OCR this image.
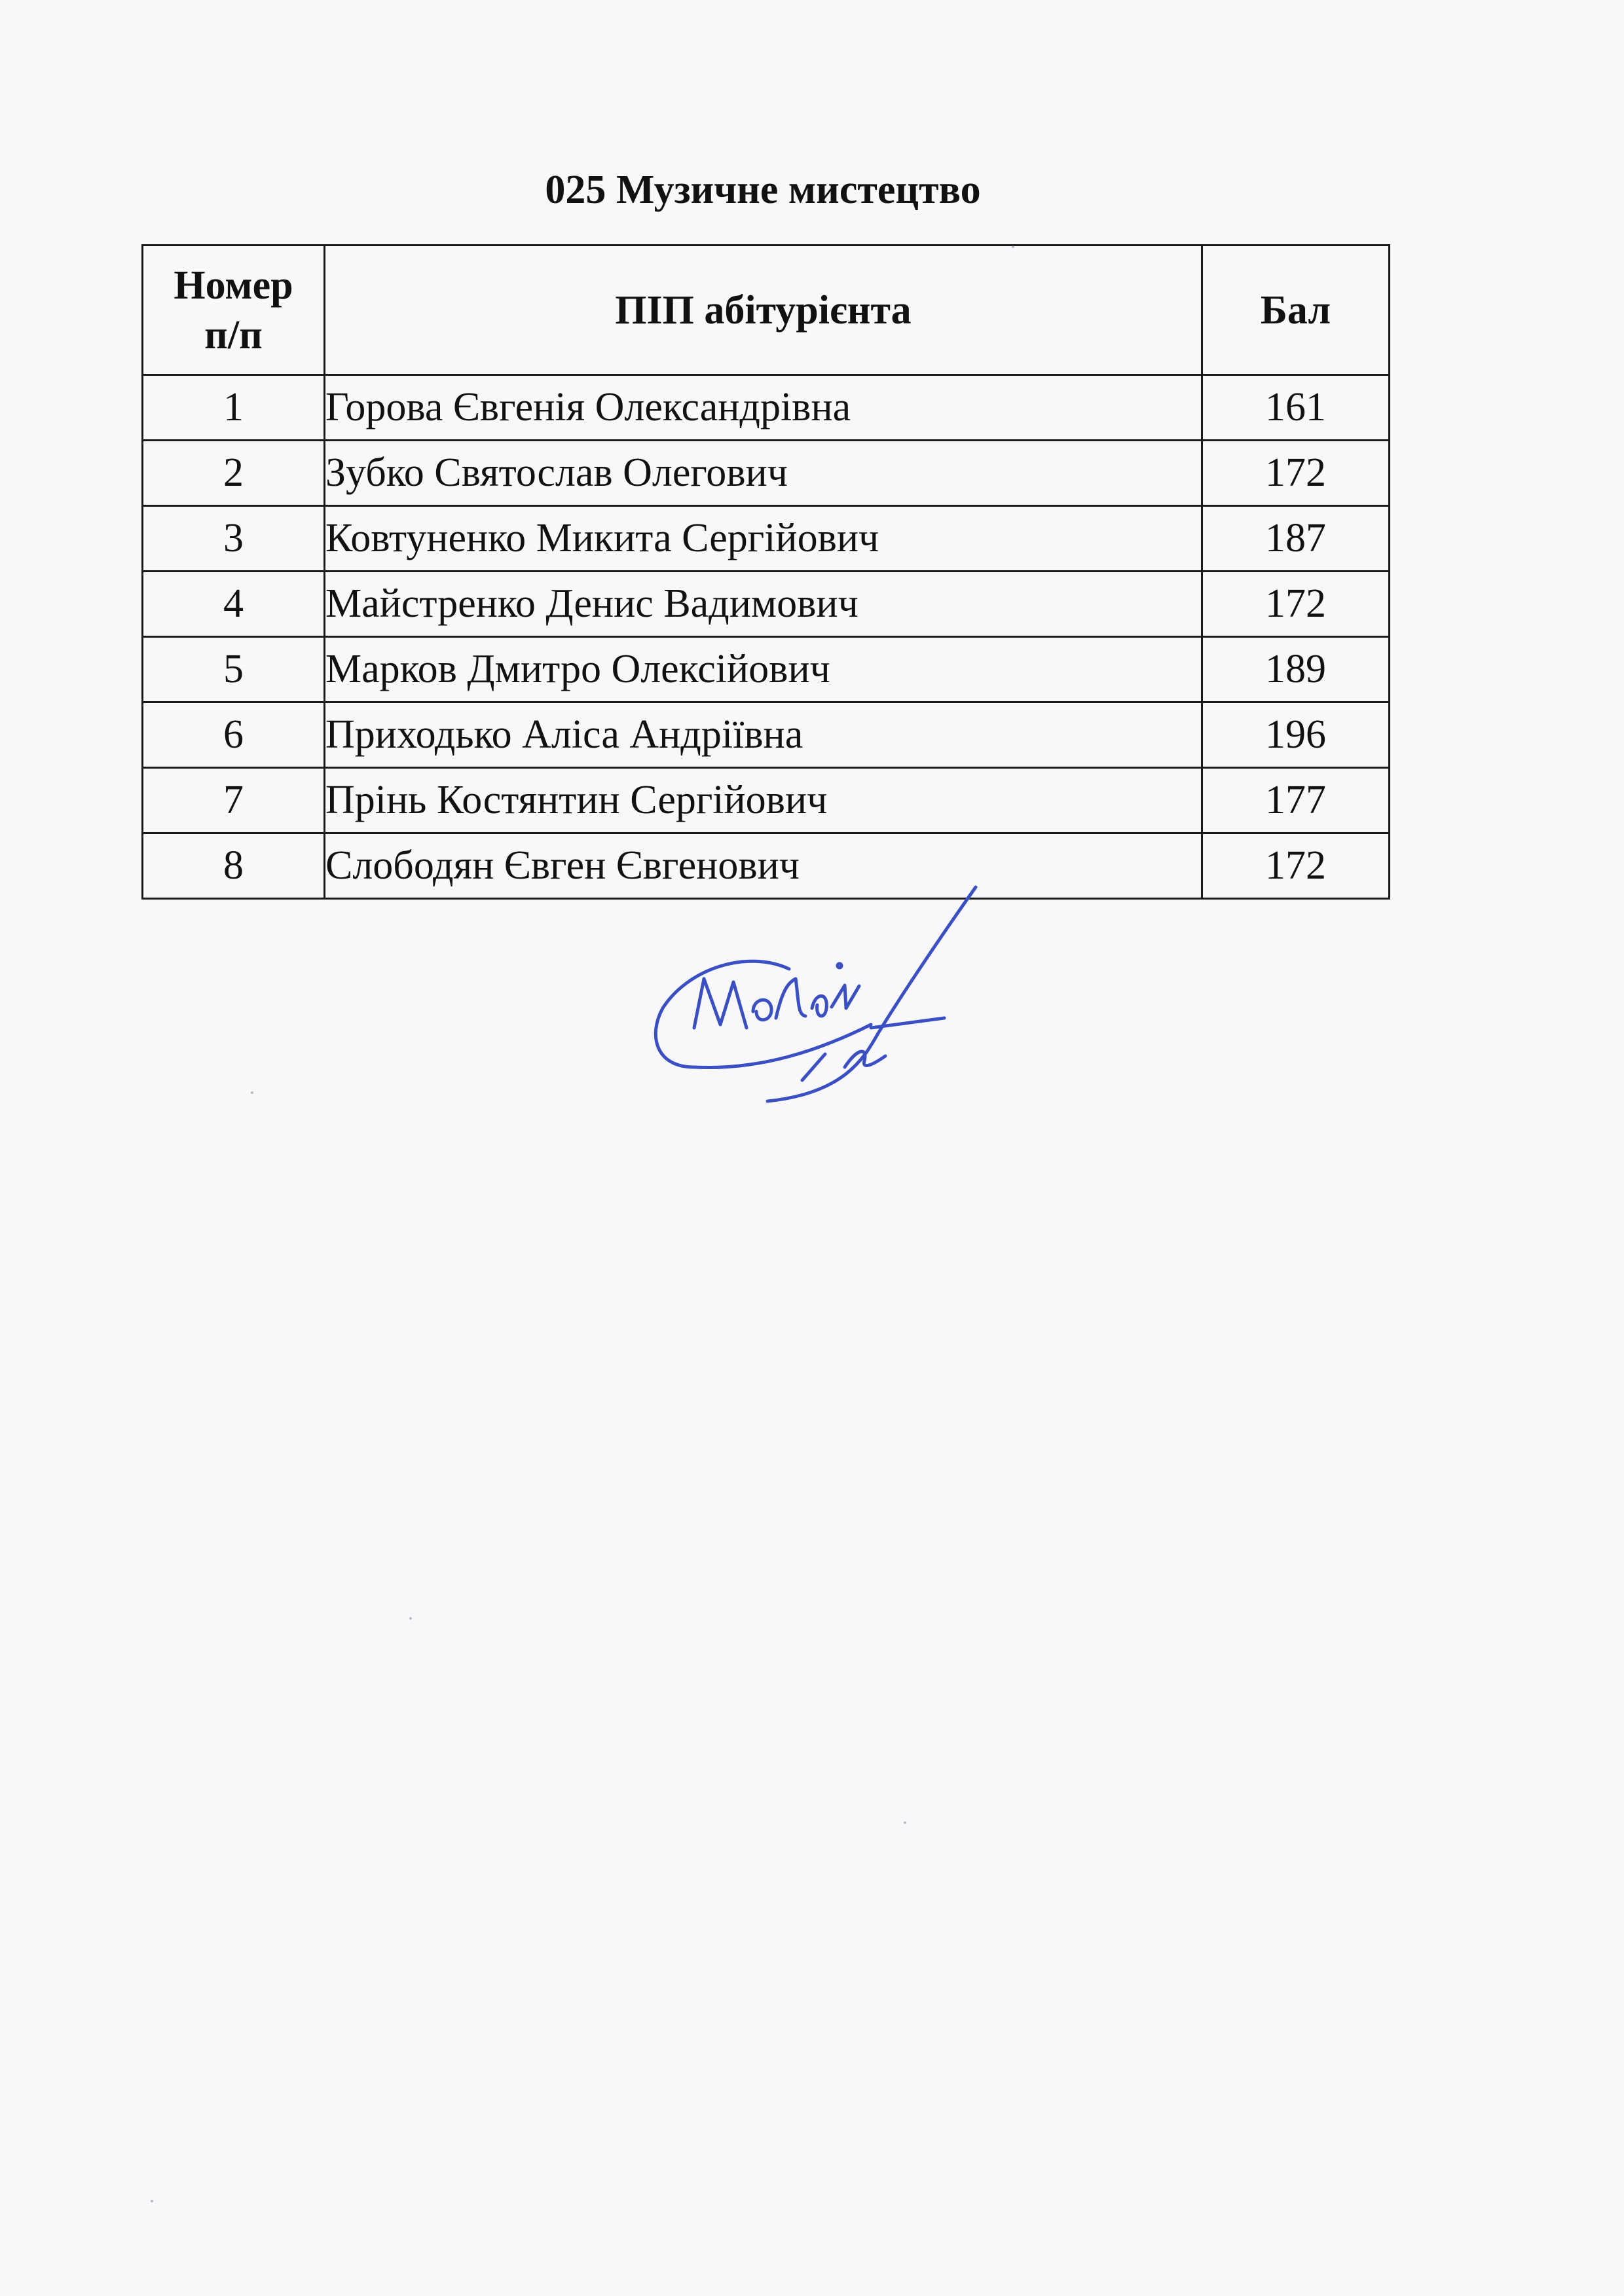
025 Музичне мистецтво
Номер
п/п	ПІП абітурієнта	Бал
1	Горова Євгенія Олександрівна	161
2	Зубко Святослав Олегович	172
3	Ковтуненко Микита Сергійович	187
4	Майстренко Денис Вадимович	172
5	Марков Дмитро Олексійович	189
6	Приходько Аліса Андріївна	196
7	Прінь Костянтин Сергійович	177
8	Слободян Євген Євгенович	172
